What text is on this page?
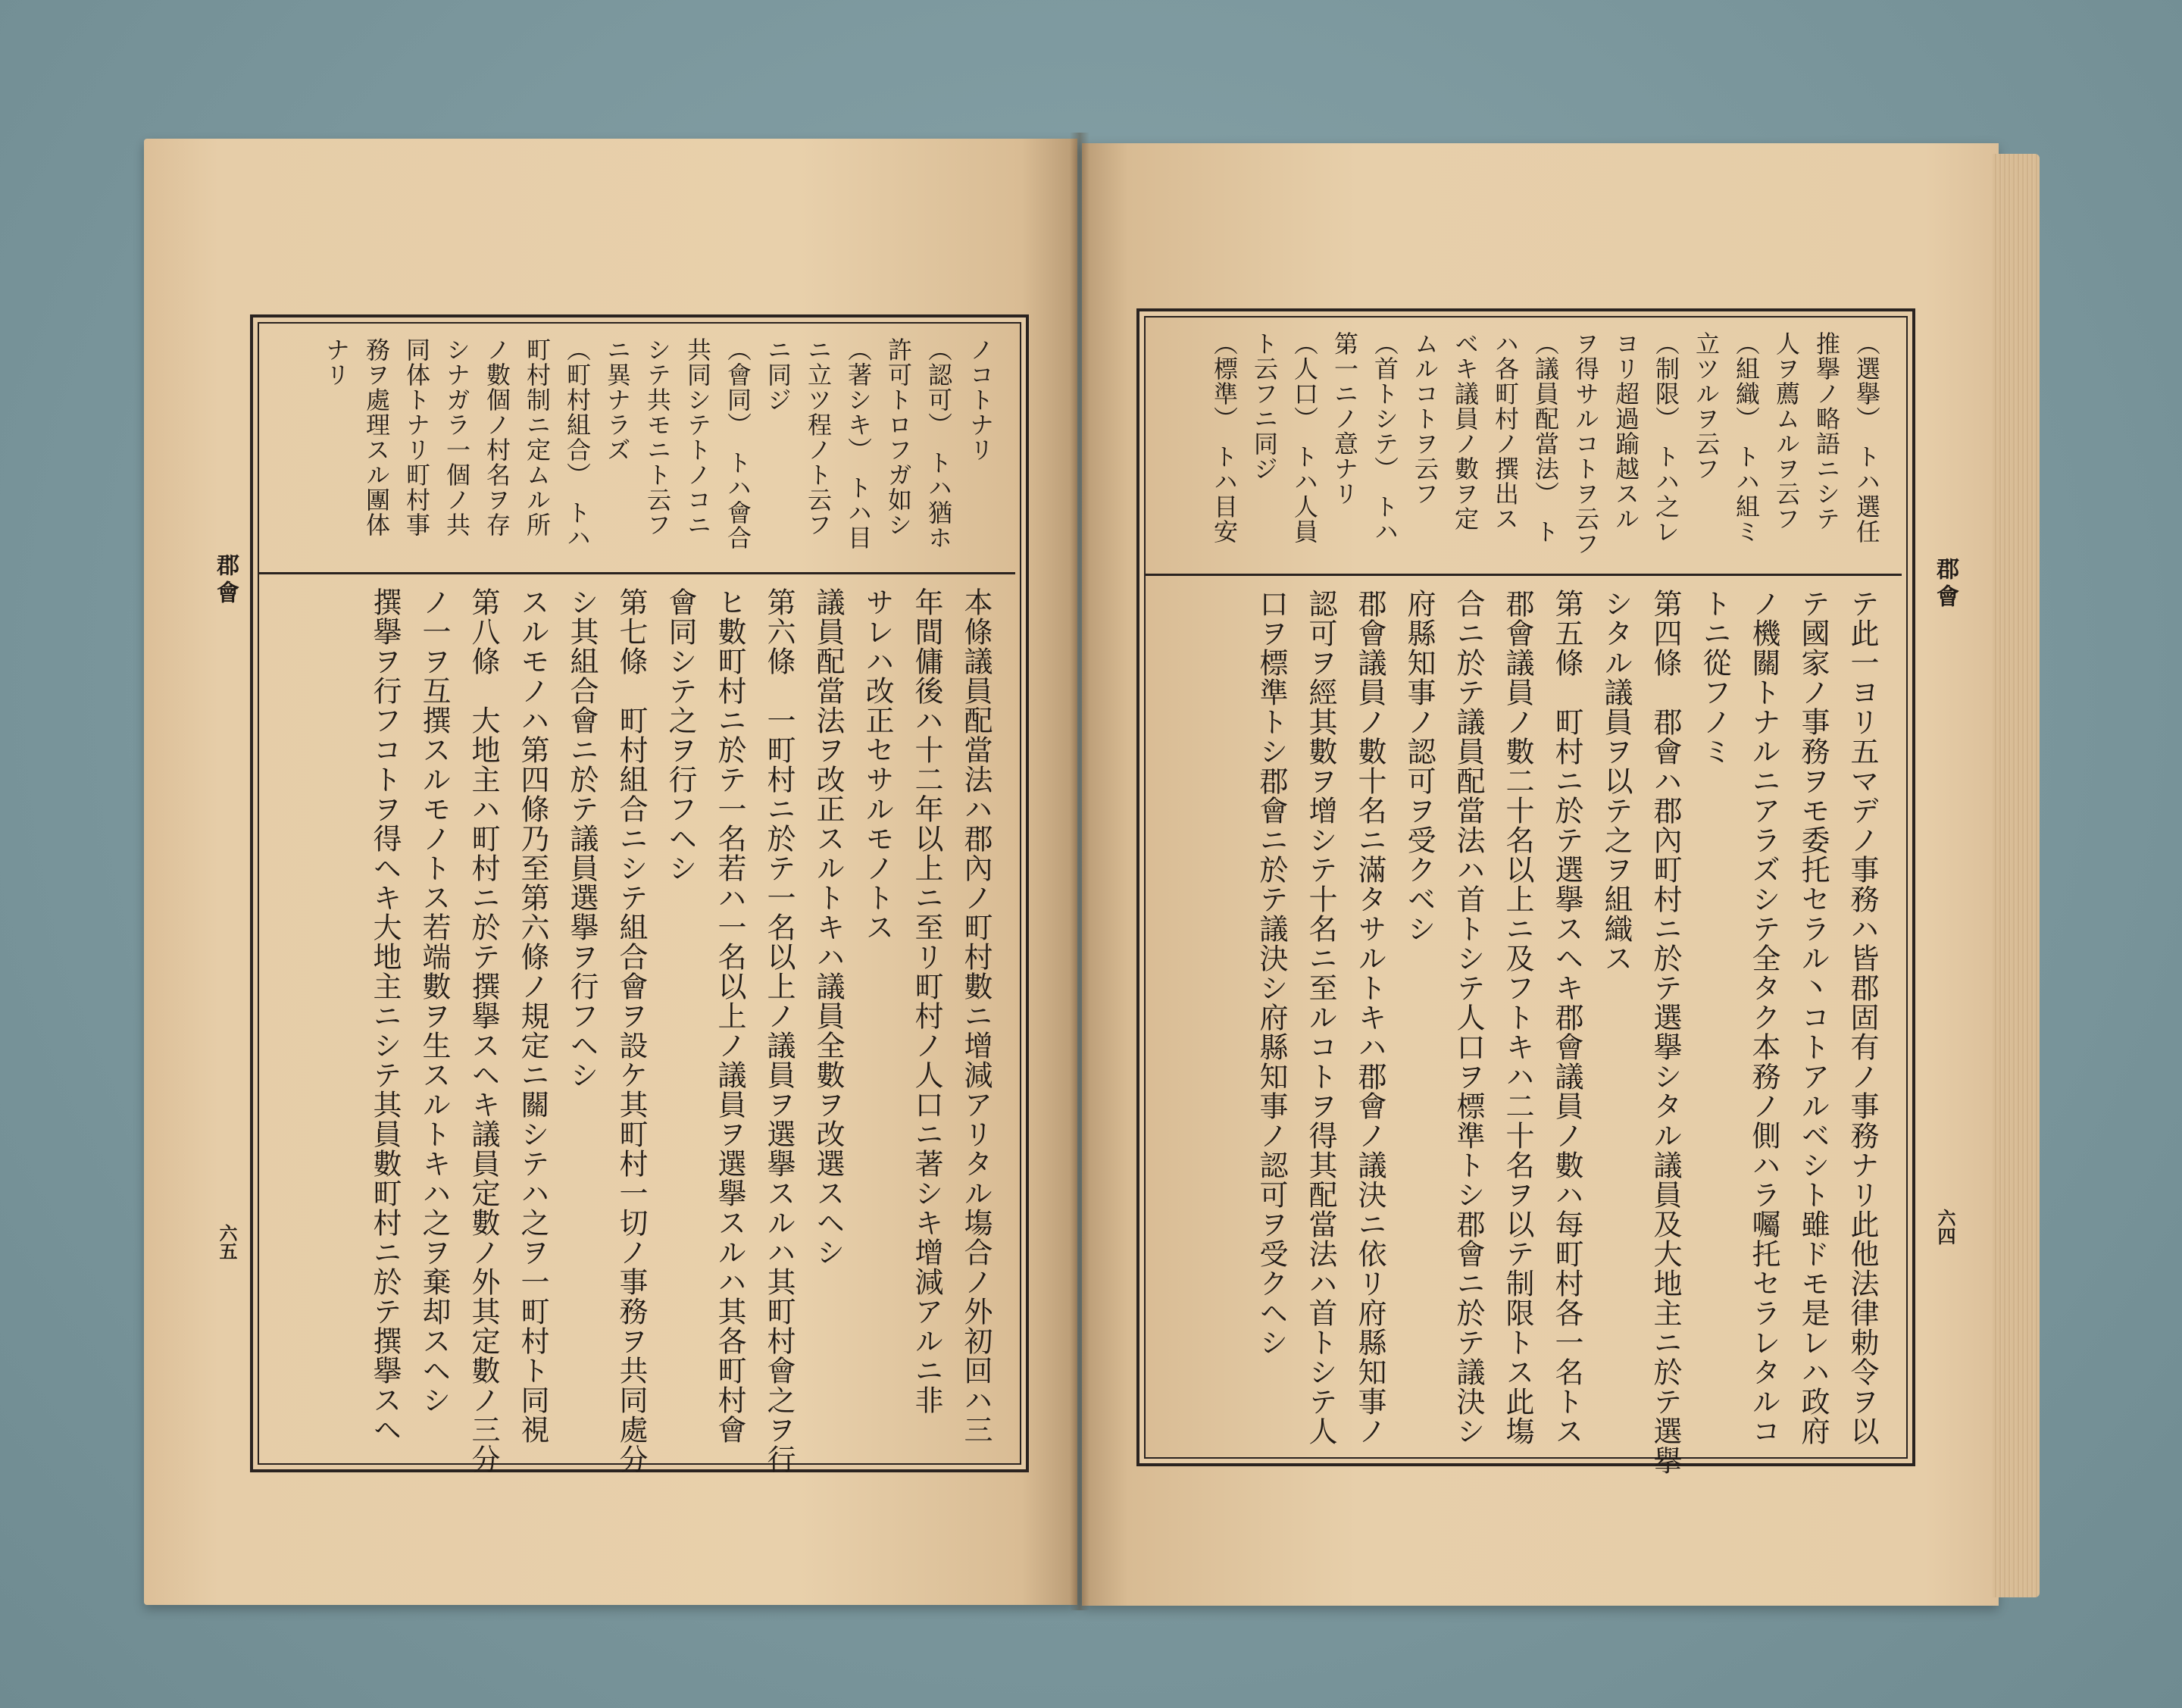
郡會
六五
郡會
六四
ノコトナリ
（認可）　トハ猶ホ
許可トロフガ如シ
（著シキ）　トハ目
ニ立ツ程ノト云フ
ニ同ジ
（會同）　トハ會合
共同シテトノコニ
シテ共モニト云フ
ニ異ナラズ
（町村組合）　トハ
町村制ニ定ムル所
ノ數個ノ村名ヲ存
シナガラ一個ノ共
同体トナリ町村事
務ヲ處理スル團体
ナリ
本條議員配當法ハ郡內ノ町村數ニ增減アリタル塲合ノ外初回ハ三
年間傭後ハ十二年以上ニ至リ町村ノ人口ニ著シキ增減アルニ非
サレハ改正セサルモノトス
議員配當法ヲ改正スルトキハ議員全數ヲ改選スヘシ
第六條　一町村ニ於テ一名以上ノ議員ヲ選擧スルハ其町村會之ヲ行
ヒ數町村ニ於テ一名若ハ一名以上ノ議員ヲ選擧スルハ其各町村會
會同シテ之ヲ行フヘシ
第七條　町村組合ニシテ組合會ヲ設ケ其町村一切ノ事務ヲ共同處分
シ其組合會ニ於テ議員選擧ヲ行フヘシ
スルモノハ第四條乃至第六條ノ規定ニ關シテハ之ヲ一町村ト同視
第八條　大地主ハ町村ニ於テ撰擧スヘキ議員定數ノ外其定數ノ三分
ノ一ヲ互撰スルモノトス若端數ヲ生スルトキハ之ヲ棄却スヘシ
撰擧ヲ行フコトヲ得ヘキ大地主ニシテ其員數町村ニ於テ撰擧スヘ
（選擧）　トハ選任
推擧ノ略語ニシテ
人ヲ薦ムルヲ云フ
（組織）　トハ組ミ
立ツルヲ云フ
（制限）　トハ之レ
ヨリ超過踰越スル
ヲ得サルコトヲ云フ
（議員配當法）　ト
ハ各町村ノ撰出ス
ベキ議員ノ數ヲ定
ムルコトヲ云フ
（首トシテ）　トハ
第一ニノ意ナリ
（人口）　トハ人員
ト云フニ同ジ
（標準）　トハ目安
テ此一ヨリ五マデノ事務ハ皆郡固有ノ事務ナリ此他法律勅令ヲ以
テ國家ノ事務ヲモ委托セラル丶コトアルベシト雖ドモ是レハ政府
ノ機關トナルニアラズシテ全タク本務ノ側ハラ囑托セラレタルコ
トニ從フノミ
第四條　郡會ハ郡內町村ニ於テ選擧シタル議員及大地主ニ於テ選擧
シタル議員ヲ以テ之ヲ組織ス
第五條　町村ニ於テ選擧スヘキ郡會議員ノ數ハ每町村各一名トス
郡會議員ノ數二十名以上ニ及フトキハ二十名ヲ以テ制限トス此塲
合ニ於テ議員配當法ハ首トシテ人口ヲ標準トシ郡會ニ於テ議決シ
府縣知事ノ認可ヲ受クベシ
郡會議員ノ數十名ニ滿タサルトキハ郡會ノ議決ニ依リ府縣知事ノ
認可ヲ經其數ヲ增シテ十名ニ至ルコトヲ得其配當法ハ首トシテ人
口ヲ標準トシ郡會ニ於テ議決シ府縣知事ノ認可ヲ受クヘシ
